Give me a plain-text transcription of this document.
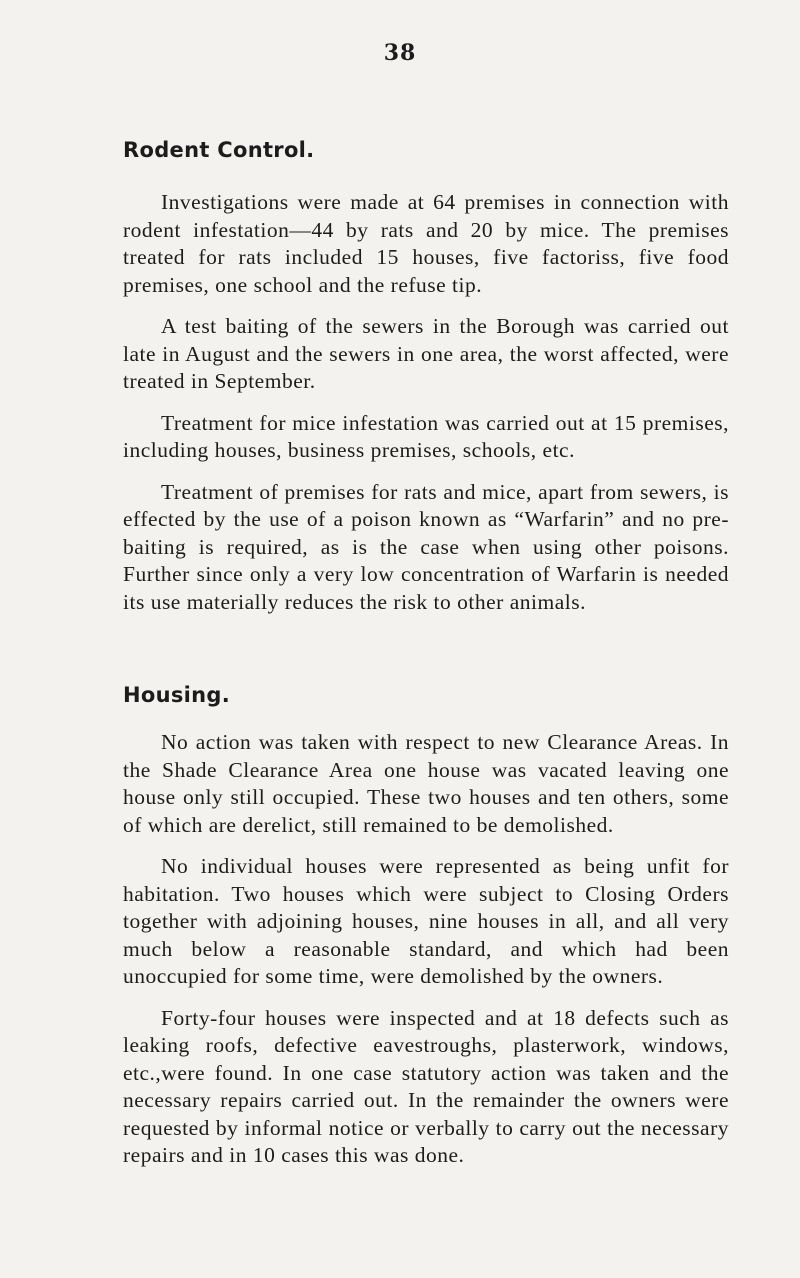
38
Rodent Control.

Investigations were made at 64 premises in connection with rodent infestation—44 by rats and 20 by mice. The premises treated for rats included 15 houses, five factoriss, five food premises, one school and the refuse tip.

A test baiting of the sewers in the Borough was carried out late in August and the sewers in one area, the worst affected, were treated in September.

Treatment for mice infestation was carried out at 15 premises, including houses, business premises, schools, etc.

Treatment of premises for rats and mice, apart from sewers, is effected by the use of a poison known as “Warfarin” and no pre-baiting is required, as is the case when using other poisons. Further since only a very low concentration of Warfarin is needed its use materially reduces the risk to other animals.

Housing.

No action was taken with respect to new Clearance Areas. In the Shade Clearance Area one house was vacated leaving one house only still occupied. These two houses and ten others, some of which are derelict, still remained to be demolished.

No individual houses were represented as being unfit for habitation. Two houses which were subject to Closing Orders together with adjoining houses, nine houses in all, and all very much below a reasonable standard, and which had been unoccupied for some time, were demolished by the owners.

Forty-four houses were inspected and at 18 defects such as leaking roofs, defective eavestroughs, plasterwork, windows, etc.,were found. In one case statutory action was taken and the necessary repairs carried out. In the remainder the owners were requested by informal notice or verbally to carry out the necessary repairs and in 10 cases this was done.
